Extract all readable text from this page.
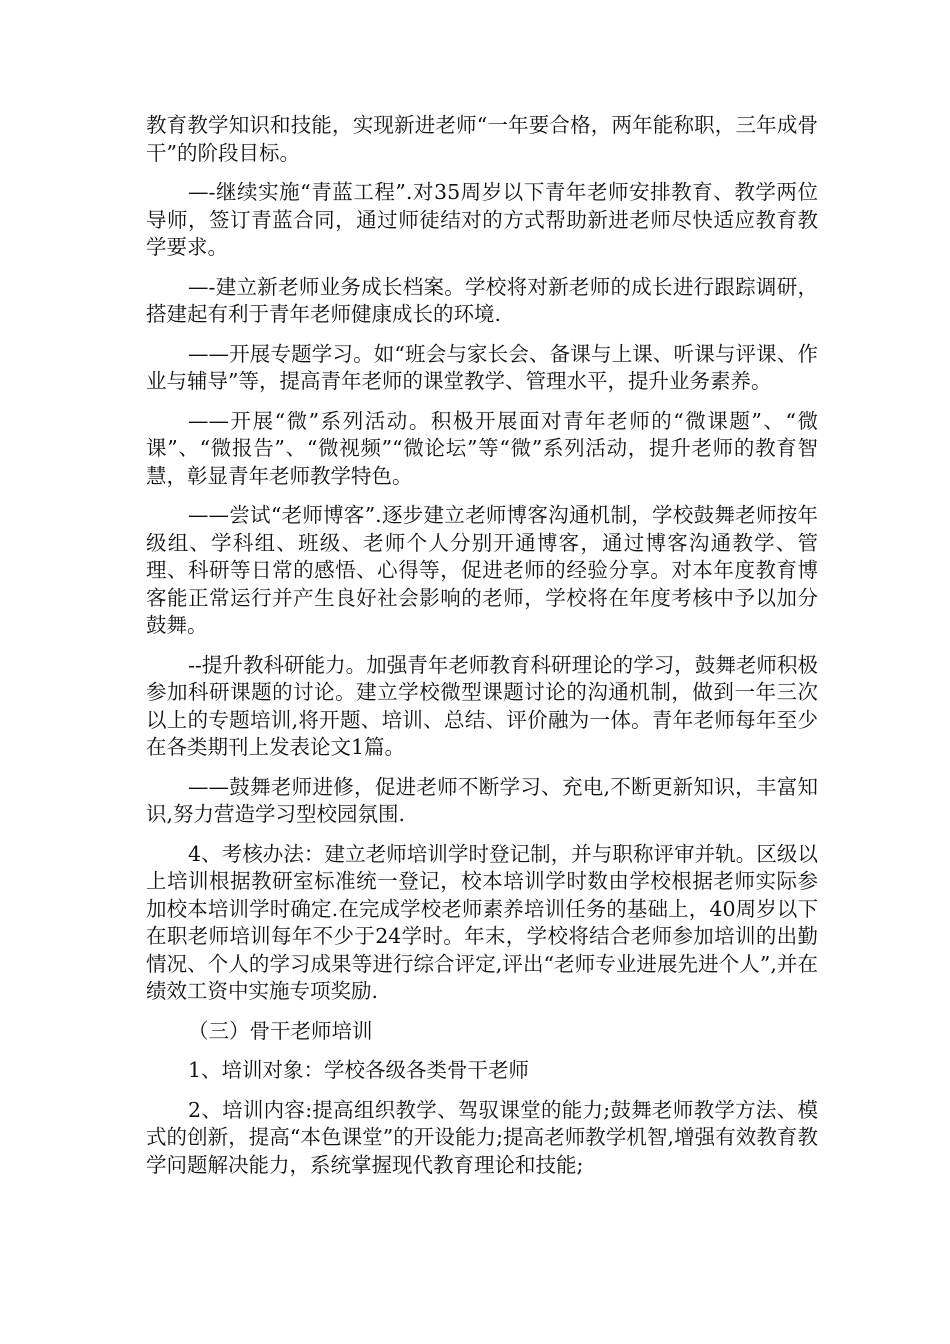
教育教学知识和技能，实现新进老师“一年要合格，两年能称职，三年成骨干”的阶段目标。

—-继续实施“青蓝工程”.对35周岁以下青年老师安排教育、教学两位导师，签订青蓝合同，通过师徒结对的方式帮助新进老师尽快适应教育教学要求。

—-建立新老师业务成长档案。学校将对新老师的成长进行跟踪调研，搭建起有利于青年老师健康成长的环境.

——开展专题学习。如“班会与家长会、备课与上课、听课与评课、作业与辅导”等，提高青年老师的课堂教学、管理水平，提升业务素养。

——开展“微”系列活动。积极开展面对青年老师的“微课题”、“微课”、“微报告”、“微视频”“微论坛”等“微”系列活动，提升老师的教育智慧，彰显青年老师教学特色。

——尝试“老师博客”.逐步建立老师博客沟通机制，学校鼓舞老师按年级组、学科组、班级、老师个人分别开通博客，通过博客沟通教学、管理、科研等日常的感悟、心得等，促进老师的经验分享。对本年度教育博客能正常运行并产生良好社会影响的老师，学校将在年度考核中予以加分鼓舞。

--提升教科研能力。加强青年老师教育科研理论的学习，鼓舞老师积极参加科研课题的讨论。建立学校微型课题讨论的沟通机制，做到一年三次以上的专题培训,将开题、培训、总结、评价融为一体。青年老师每年至少在各类期刊上发表论文1篇。

——鼓舞老师进修，促进老师不断学习、充电,不断更新知识，丰富知识,努力营造学习型校园氛围.

4、考核办法：建立老师培训学时登记制，并与职称评审并轨。区级以上培训根据教研室标准统一登记，校本培训学时数由学校根据老师实际参加校本培训学时确定.在完成学校老师素养培训任务的基础上，40周岁以下在职老师培训每年不少于24学时。年末，学校将结合老师参加培训的出勤情况、个人的学习成果等进行综合评定,评出“老师专业进展先进个人”,并在绩效工资中实施专项奖励.

（三）骨干老师培训

1、培训对象：学校各级各类骨干老师

2、培训内容:提高组织教学、驾驭课堂的能力;鼓舞老师教学方法、模式的创新，提高“本色课堂”的开设能力;提高老师教学机智,增强有效教育教学问题解决能力，系统掌握现代教育理论和技能;
